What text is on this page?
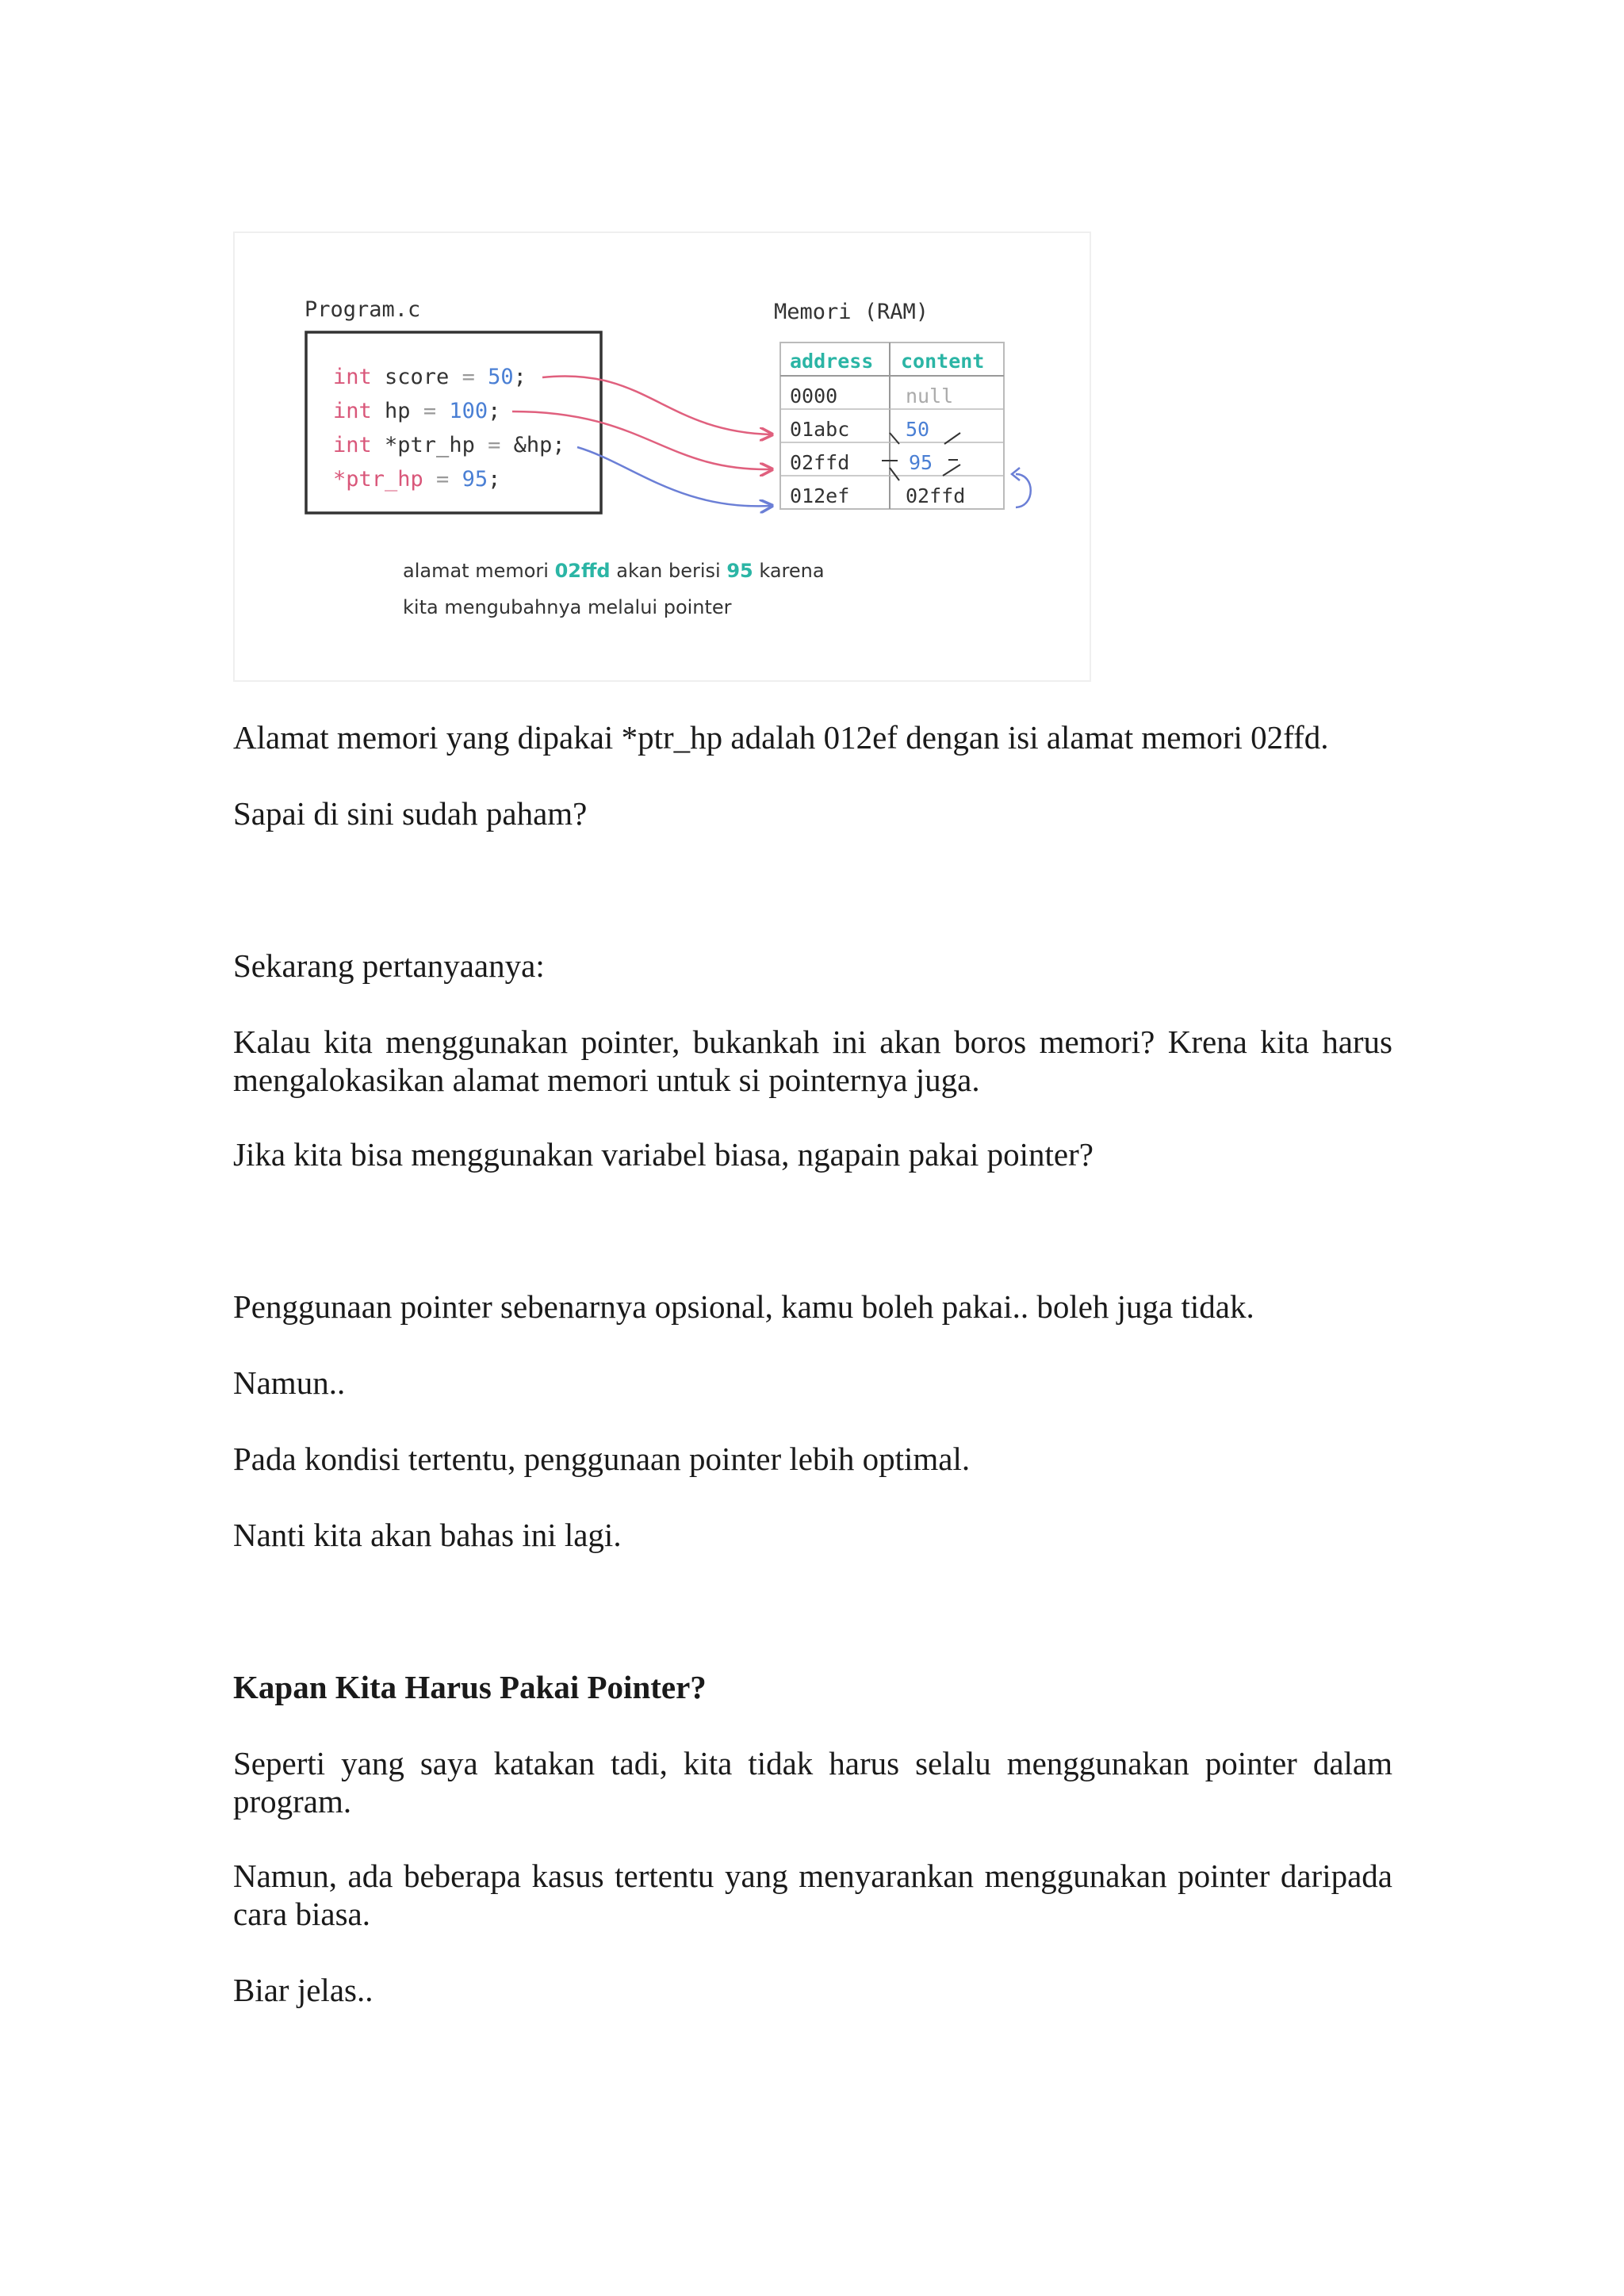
Program.c
int score = 50;
int hp = 100;
int *ptr_hp = &hp;
*ptr_hp = 95;
Memori (RAM)
address content
0000	null
01abc	50
02ffd	95
012ef	02ffd
alamat memori 02ffd akan berisi 95 karena
kita mengubahnya melalui pointer

Alamat memori yang dipakai *ptr_hp adalah 012ef dengan isi alamat memori 02ffd.

Sapai di sini sudah paham?

Sekarang pertanyaanya:

Kalau kita menggunakan pointer, bukankah ini akan boros memori? Krena kita harus mengalokasikan alamat memori untuk si pointernya juga.

Jika kita bisa menggunakan variabel biasa, ngapain pakai pointer?

Penggunaan pointer sebenarnya opsional, kamu boleh pakai.. boleh juga tidak.

Namun..

Pada kondisi tertentu, penggunaan pointer lebih optimal.

Nanti kita akan bahas ini lagi.

Kapan Kita Harus Pakai Pointer?

Seperti yang saya katakan tadi, kita tidak harus selalu menggunakan pointer dalam program.

Namun, ada beberapa kasus tertentu yang menyarankan menggunakan pointer daripada cara biasa.

Biar jelas..
